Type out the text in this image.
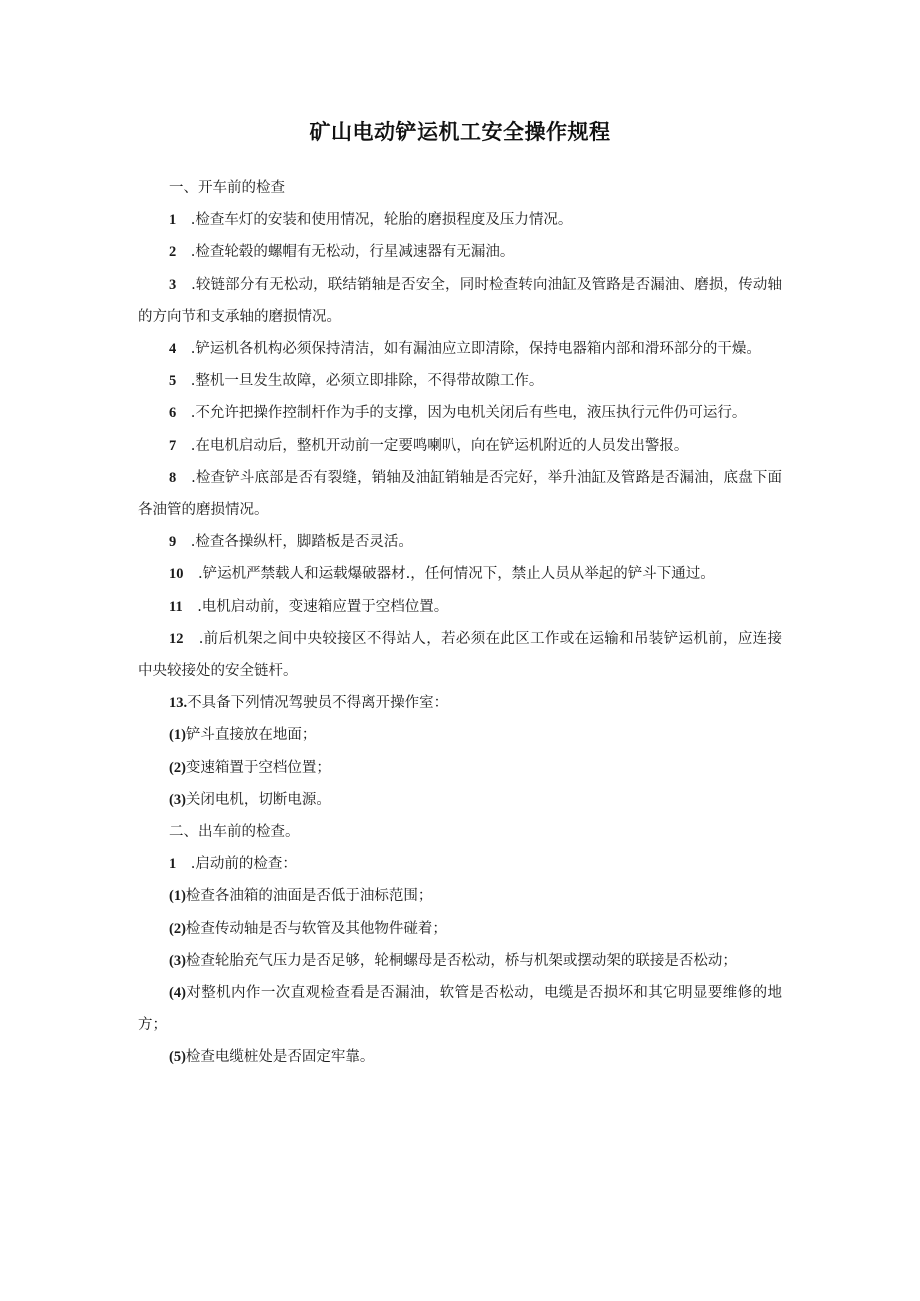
矿山电动铲运机工安全操作规程

一、开车前的检查

1　.检查车灯的安装和使用情况，轮胎的磨损程度及压力情况。

2　.检查轮毂的螺帽有无松动，行星减速器有无漏油。

3　.较链部分有无松动，联结销轴是否安全，同时检查转向油缸及管路是否漏油、磨损，传动轴的方向节和支承轴的磨损情况。

4　.铲运机各机构必须保持清洁，如有漏油应立即清除，保持电器箱内部和滑环部分的干燥。

5　.整机一旦发生故障，必须立即排除，不得带故隙工作。

6　.不允许把操作控制杆作为手的支撑，因为电机关闭后有些电，液压执行元件仍可运行。

7　.在电机启动后，整机开动前一定要鸣喇叭，向在铲运机附近的人员发出警报。

8　.检查铲斗底部是否有裂缝，销轴及油缸销轴是否完好，举升油缸及管路是否漏油，底盘下面各油管的磨损情况。

9　.检查各操纵杆，脚踏板是否灵活。

10　.铲运机严禁载人和运载爆破器材.，任何情况下，禁止人员从举起的铲斗下通过。

11　.电机启动前，变速箱应置于空档位置。

12　.前后机架之间中央较接区不得站人，若必须在此区工作或在运输和吊装铲运机前，应连接中央较接处的安全链杆。

13.不具备下列情况驾驶员不得离开操作室：

(1)铲斗直接放在地面；

(2)变速箱置于空档位置；

(3)关闭电机，切断电源。

二、出车前的检查。

1　.启动前的检查：

(1)检查各油箱的油面是否低于油标范围；

(2)检查传动轴是否与软管及其他物件碰着；

(3)检查轮胎充气压力是否足够，轮桐螺母是否松动，桥与机架或摆动架的联接是否松动；

(4)对整机内作一次直观检查看是否漏油，软管是否松动，电缆是否损坏和其它明显要维修的地方；

(5)检查电缆桩处是否固定牢靠。
